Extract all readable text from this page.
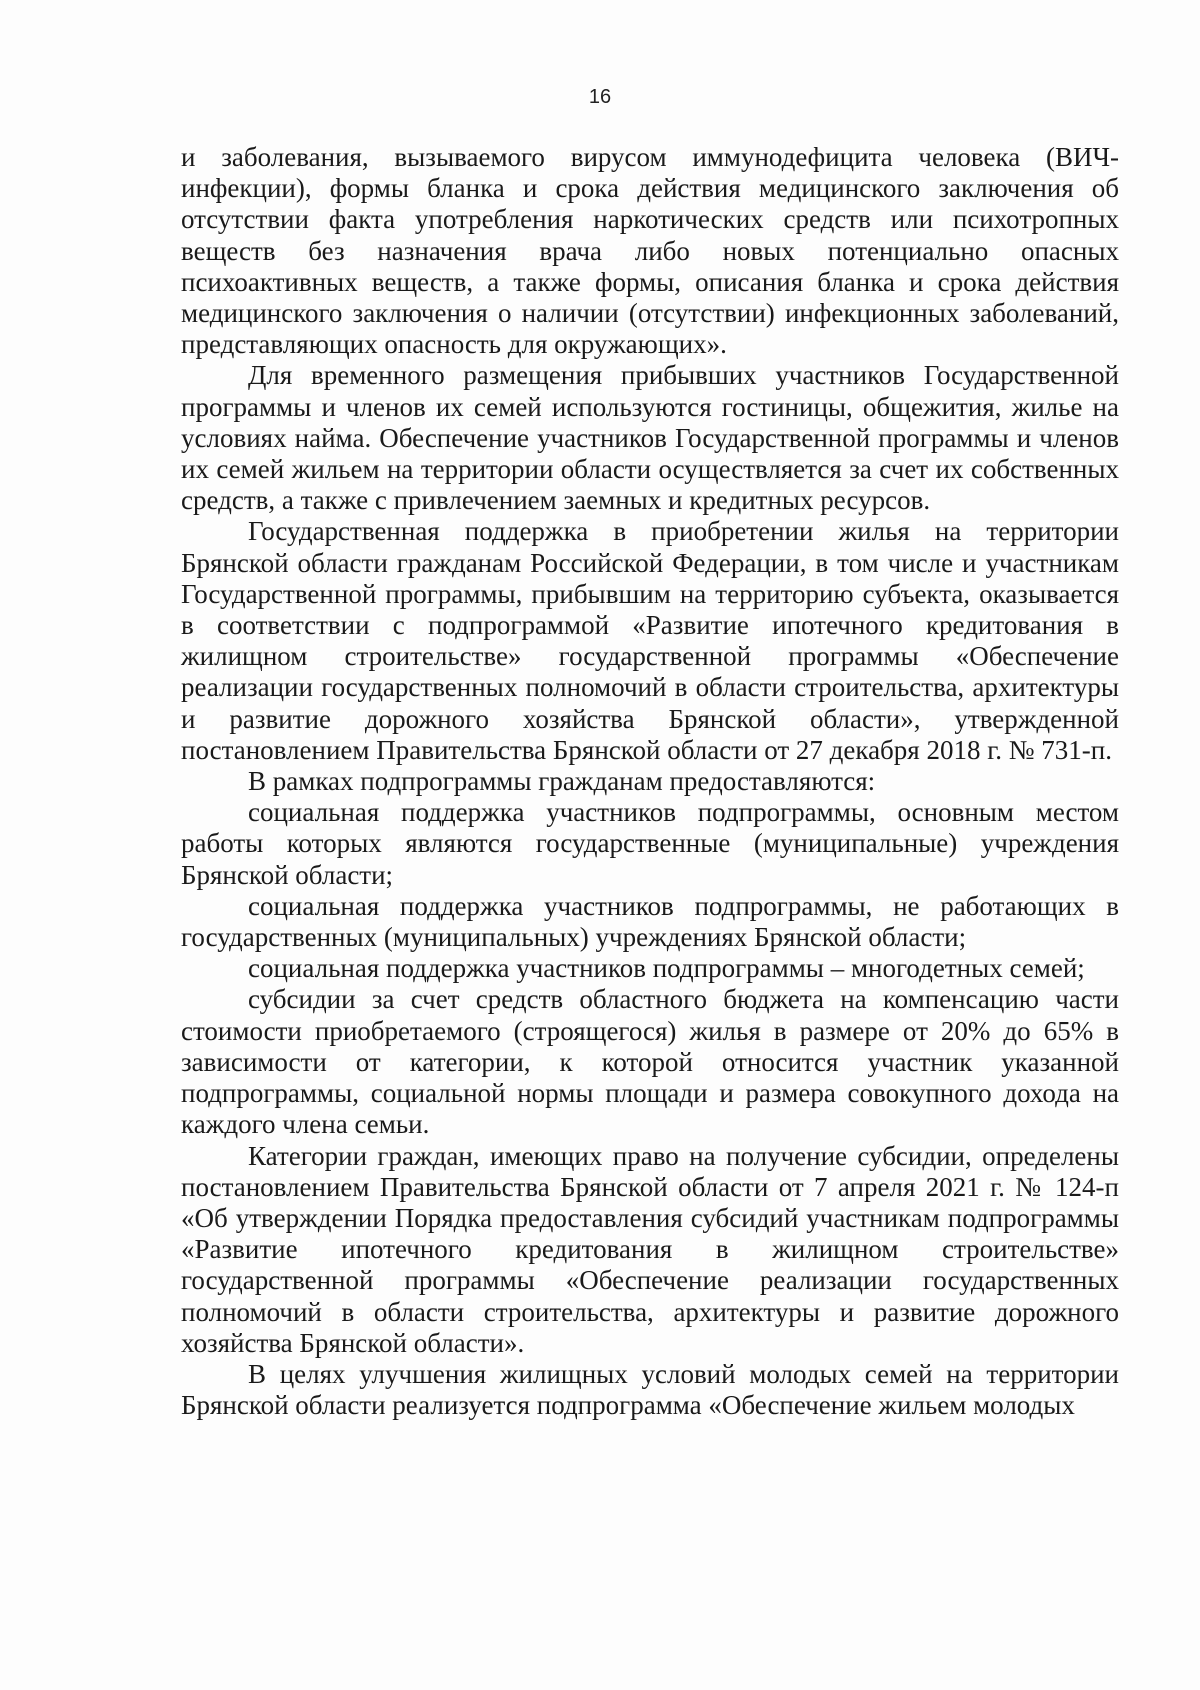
16

и заболевания, вызываемого вирусом иммунодефицита человека (ВИЧ-инфекции), формы бланка и срока действия медицинского заключения об отсутствии факта употребления наркотических средств или психотропных веществ без назначения врача либо новых потенциально опасных психоактивных веществ, а также формы, описания бланка и срока действия медицинского заключения о наличии (отсутствии) инфекционных заболеваний, представляющих опасность для окружающих».

Для временного размещения прибывших участников Государственной программы и членов их семей используются гостиницы, общежития, жилье на условиях найма. Обеспечение участников Государственной программы и членов их семей жильем на территории области осуществляется за счет их собственных средств, а также с привлечением заемных и кредитных ресурсов.

Государственная поддержка в приобретении жилья на территории Брянской области гражданам Российской Федерации, в том числе и участникам Государственной программы, прибывшим на территорию субъекта, оказывается в соответствии с подпрограммой «Развитие ипотечного кредитования в жилищном строительстве» государственной программы «Обеспечение реализации государственных полномочий в области строительства, архитектуры и развитие дорожного хозяйства Брянской области», утвержденной постановлением Правительства Брянской области от 27 декабря 2018 г. № 731-п.

В рамках подпрограммы гражданам предоставляются:

социальная поддержка участников подпрограммы, основным местом работы которых являются государственные (муниципальные) учреждения Брянской области;

социальная поддержка участников подпрограммы, не работающих в государственных (муниципальных) учреждениях Брянской области;

социальная поддержка участников подпрограммы – многодетных семей;

субсидии за счет средств областного бюджета на компенсацию части стоимости приобретаемого (строящегося) жилья в размере от 20% до 65% в зависимости от категории, к которой относится участник указанной подпрограммы, социальной нормы площади и размера совокупного дохода на каждого члена семьи.

Категории граждан, имеющих право на получение субсидии, определены постановлением Правительства Брянской области от 7 апреля 2021 г. № 124-п «Об утверждении Порядка предоставления субсидий участникам подпрограммы «Развитие ипотечного кредитования в жилищном строительстве» государственной программы «Обеспечение реализации государственных полномочий в области строительства, архитектуры и развитие дорожного хозяйства Брянской области».

В целях улучшения жилищных условий молодых семей на территории Брянской области реализуется подпрограмма «Обеспечение жильем молодых
